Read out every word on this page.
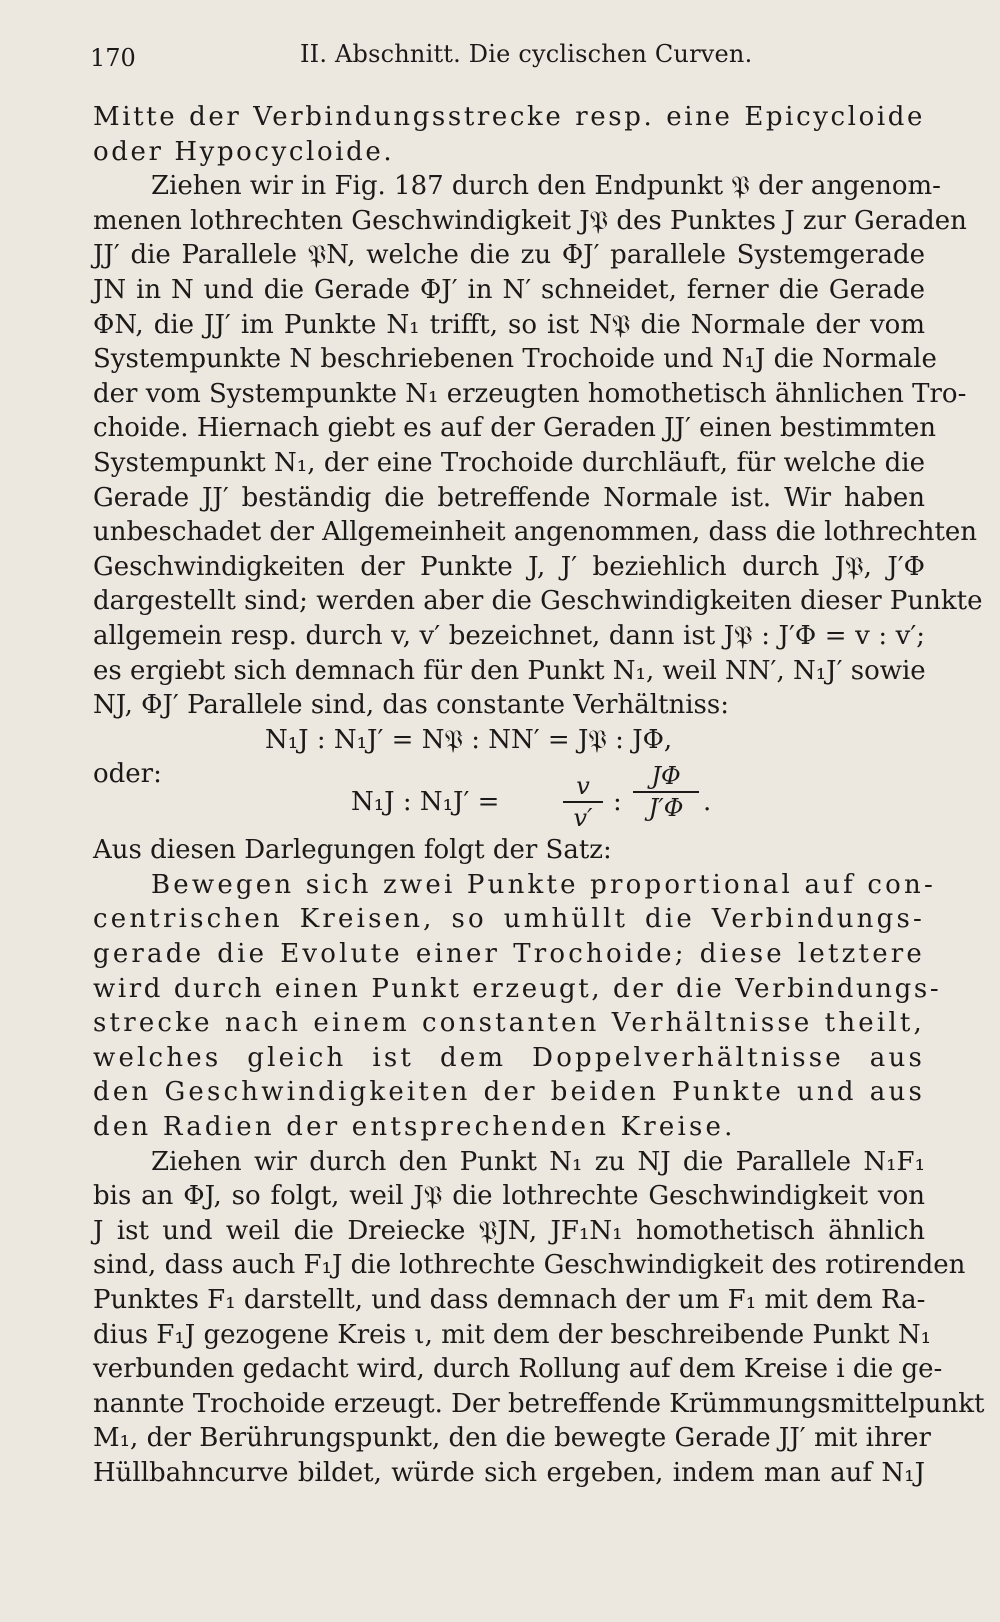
170	II. Abschnitt. Die cyclischen Curven.
Mitte der Verbindungsstrecke resp. eine Epicycloide
oder Hypocycloide.
Ziehen wir in Fig. 187 durch den Endpunkt 𝔓 der angenom-
menen lothrechten Geschwindigkeit J𝔓 des Punktes J zur Geraden
JJ′ die Parallele 𝔓N, welche die zu ΦJ′ parallele Systemgerade
JN in N und die Gerade ΦJ′ in N′ schneidet, ferner die Gerade
ΦN, die JJ′ im Punkte N₁ trifft, so ist N𝔓 die Normale der vom
Systempunkte N beschriebenen Trochoide und N₁J die Normale
der vom Systempunkte N₁ erzeugten homothetisch ähnlichen Tro-
choide. Hiernach giebt es auf der Geraden JJ′ einen bestimmten
Systempunkt N₁, der eine Trochoide durchläuft, für welche die
Gerade JJ′ beständig die betreffende Normale ist. Wir haben
unbeschadet der Allgemeinheit angenommen, dass die lothrechten
Geschwindigkeiten der Punkte J, J′ beziehlich durch J𝔓, J′Φ
dargestellt sind; werden aber die Geschwindigkeiten dieser Punkte
allgemein resp. durch v, v′ bezeichnet, dann ist J𝔓 : J′Φ = v : v′;
es ergiebt sich demnach für den Punkt N₁, weil NN′, N₁J′ sowie
NJ, ΦJ′ Parallele sind, das constante Verhältniss:
N₁J : N₁J′ = N𝔓 : NN′ = J𝔓 : JΦ,
oder:
N₁J : N₁J′ =
v
v′
:
JΦ
J′Φ .
Aus diesen Darlegungen folgt der Satz:
Bewegen sich zwei Punkte proportional auf con-
centrischen Kreisen, so umhüllt die Verbindungs-
gerade die Evolute einer Trochoide; diese letztere
wird durch einen Punkt erzeugt, der die Verbindungs-
strecke nach einem constanten Verhältnisse theilt,
welches gleich ist dem Doppelverhältnisse aus
den Geschwindigkeiten der beiden Punkte und aus
den Radien der entsprechenden Kreise.
Ziehen wir durch den Punkt N₁ zu NJ die Parallele N₁F₁
bis an ΦJ, so folgt, weil J𝔓 die lothrechte Geschwindigkeit von
J ist und weil die Dreiecke 𝔓JN, JF₁N₁ homothetisch ähnlich
sind, dass auch F₁J die lothrechte Geschwindigkeit des rotirenden
Punktes F₁ darstellt, und dass demnach der um F₁ mit dem Ra-
dius F₁J gezogene Kreis ι, mit dem der beschreibende Punkt N₁
verbunden gedacht wird, durch Rollung auf dem Kreise i die ge-
nannte Trochoide erzeugt. Der betreffende Krümmungsmittelpunkt
M₁, der Berührungspunkt, den die bewegte Gerade JJ′ mit ihrer
Hüllbahncurve bildet, würde sich ergeben, indem man auf N₁J
